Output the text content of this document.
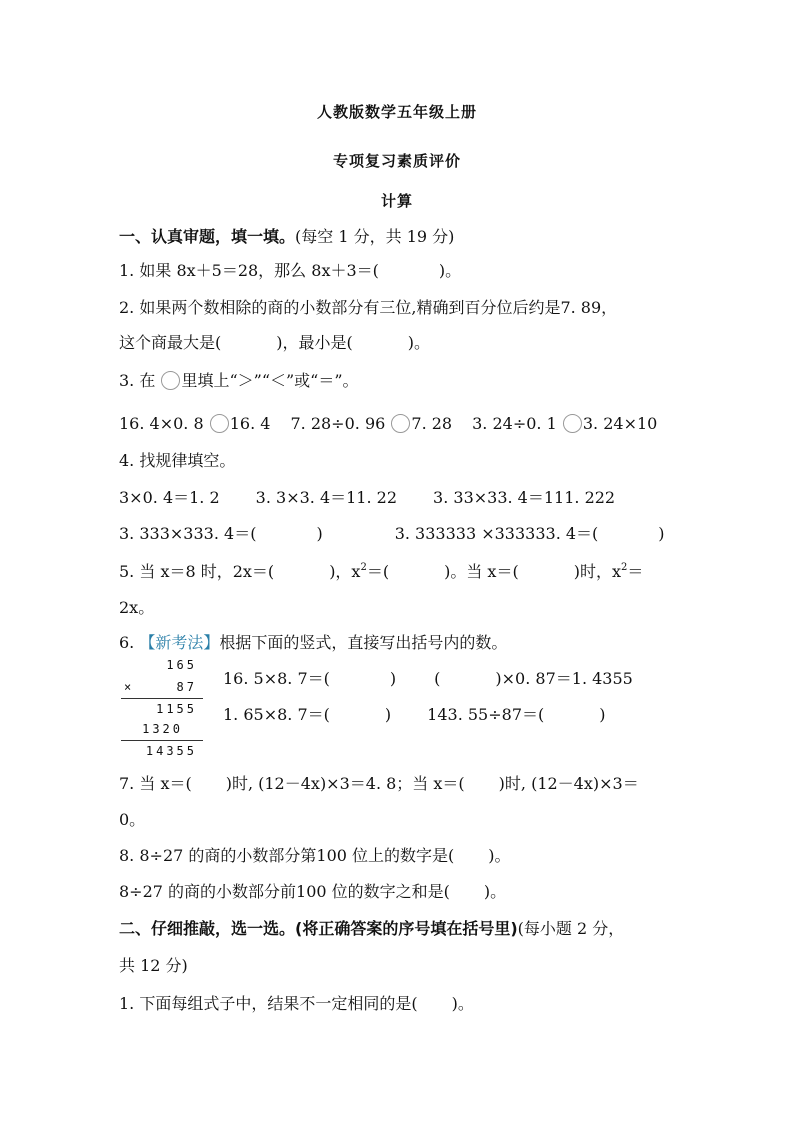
人教版数学五年级上册
专项复习素质评价
计算
一、认真审题，填一填。(每空 1 分，共 19 分)
1. 如果 8x＋5＝28，那么 8x＋3＝(	)。
2. 如果两个数相除的商的小数部分有三位,精确到百分位后约是7. 89，
这个商最大是(	)，最小是(	)。
3. 在 里填上“＞”“＜”或“＝”。
16. 4×0. 8 16. 4 7. 28÷0. 96 7. 28 3. 24÷0. 1 3. 24×10
4. 找规律填空。
3×0. 4＝1. 2 3. 3×3. 4＝11. 22 3. 33×33. 4＝111. 222
3. 333×333. 4＝(	)	3. 333333 ×333333. 4＝(	)
5. 当 x＝8 时，2x＝(	)，$x^2=$(	)。当 x＝(	)时，$x^2=$
2x。
6. 【新考法】根据下面的竖式，直接写出括号内的数。
165
×	87
1155
1320
14355
16. 5×8. 7＝(	) (	)×0. 87＝1. 4355
1. 65×8. 7＝(	) 143. 55÷87＝(	)
7. 当 x＝( )时, (12－4x)×3＝4. 8；当 x＝( )时, (12－4x)×3＝
0。
8. 8÷27 的商的小数部分第100 位上的数字是( )。
8÷27 的商的小数部分前100 位的数字之和是( )。
二、仔细推敲，选一选。(将正确答案的序号填在括号里)(每小题 2 分，
共 12 分)
1. 下面每组式子中，结果不一定相同的是( )。
